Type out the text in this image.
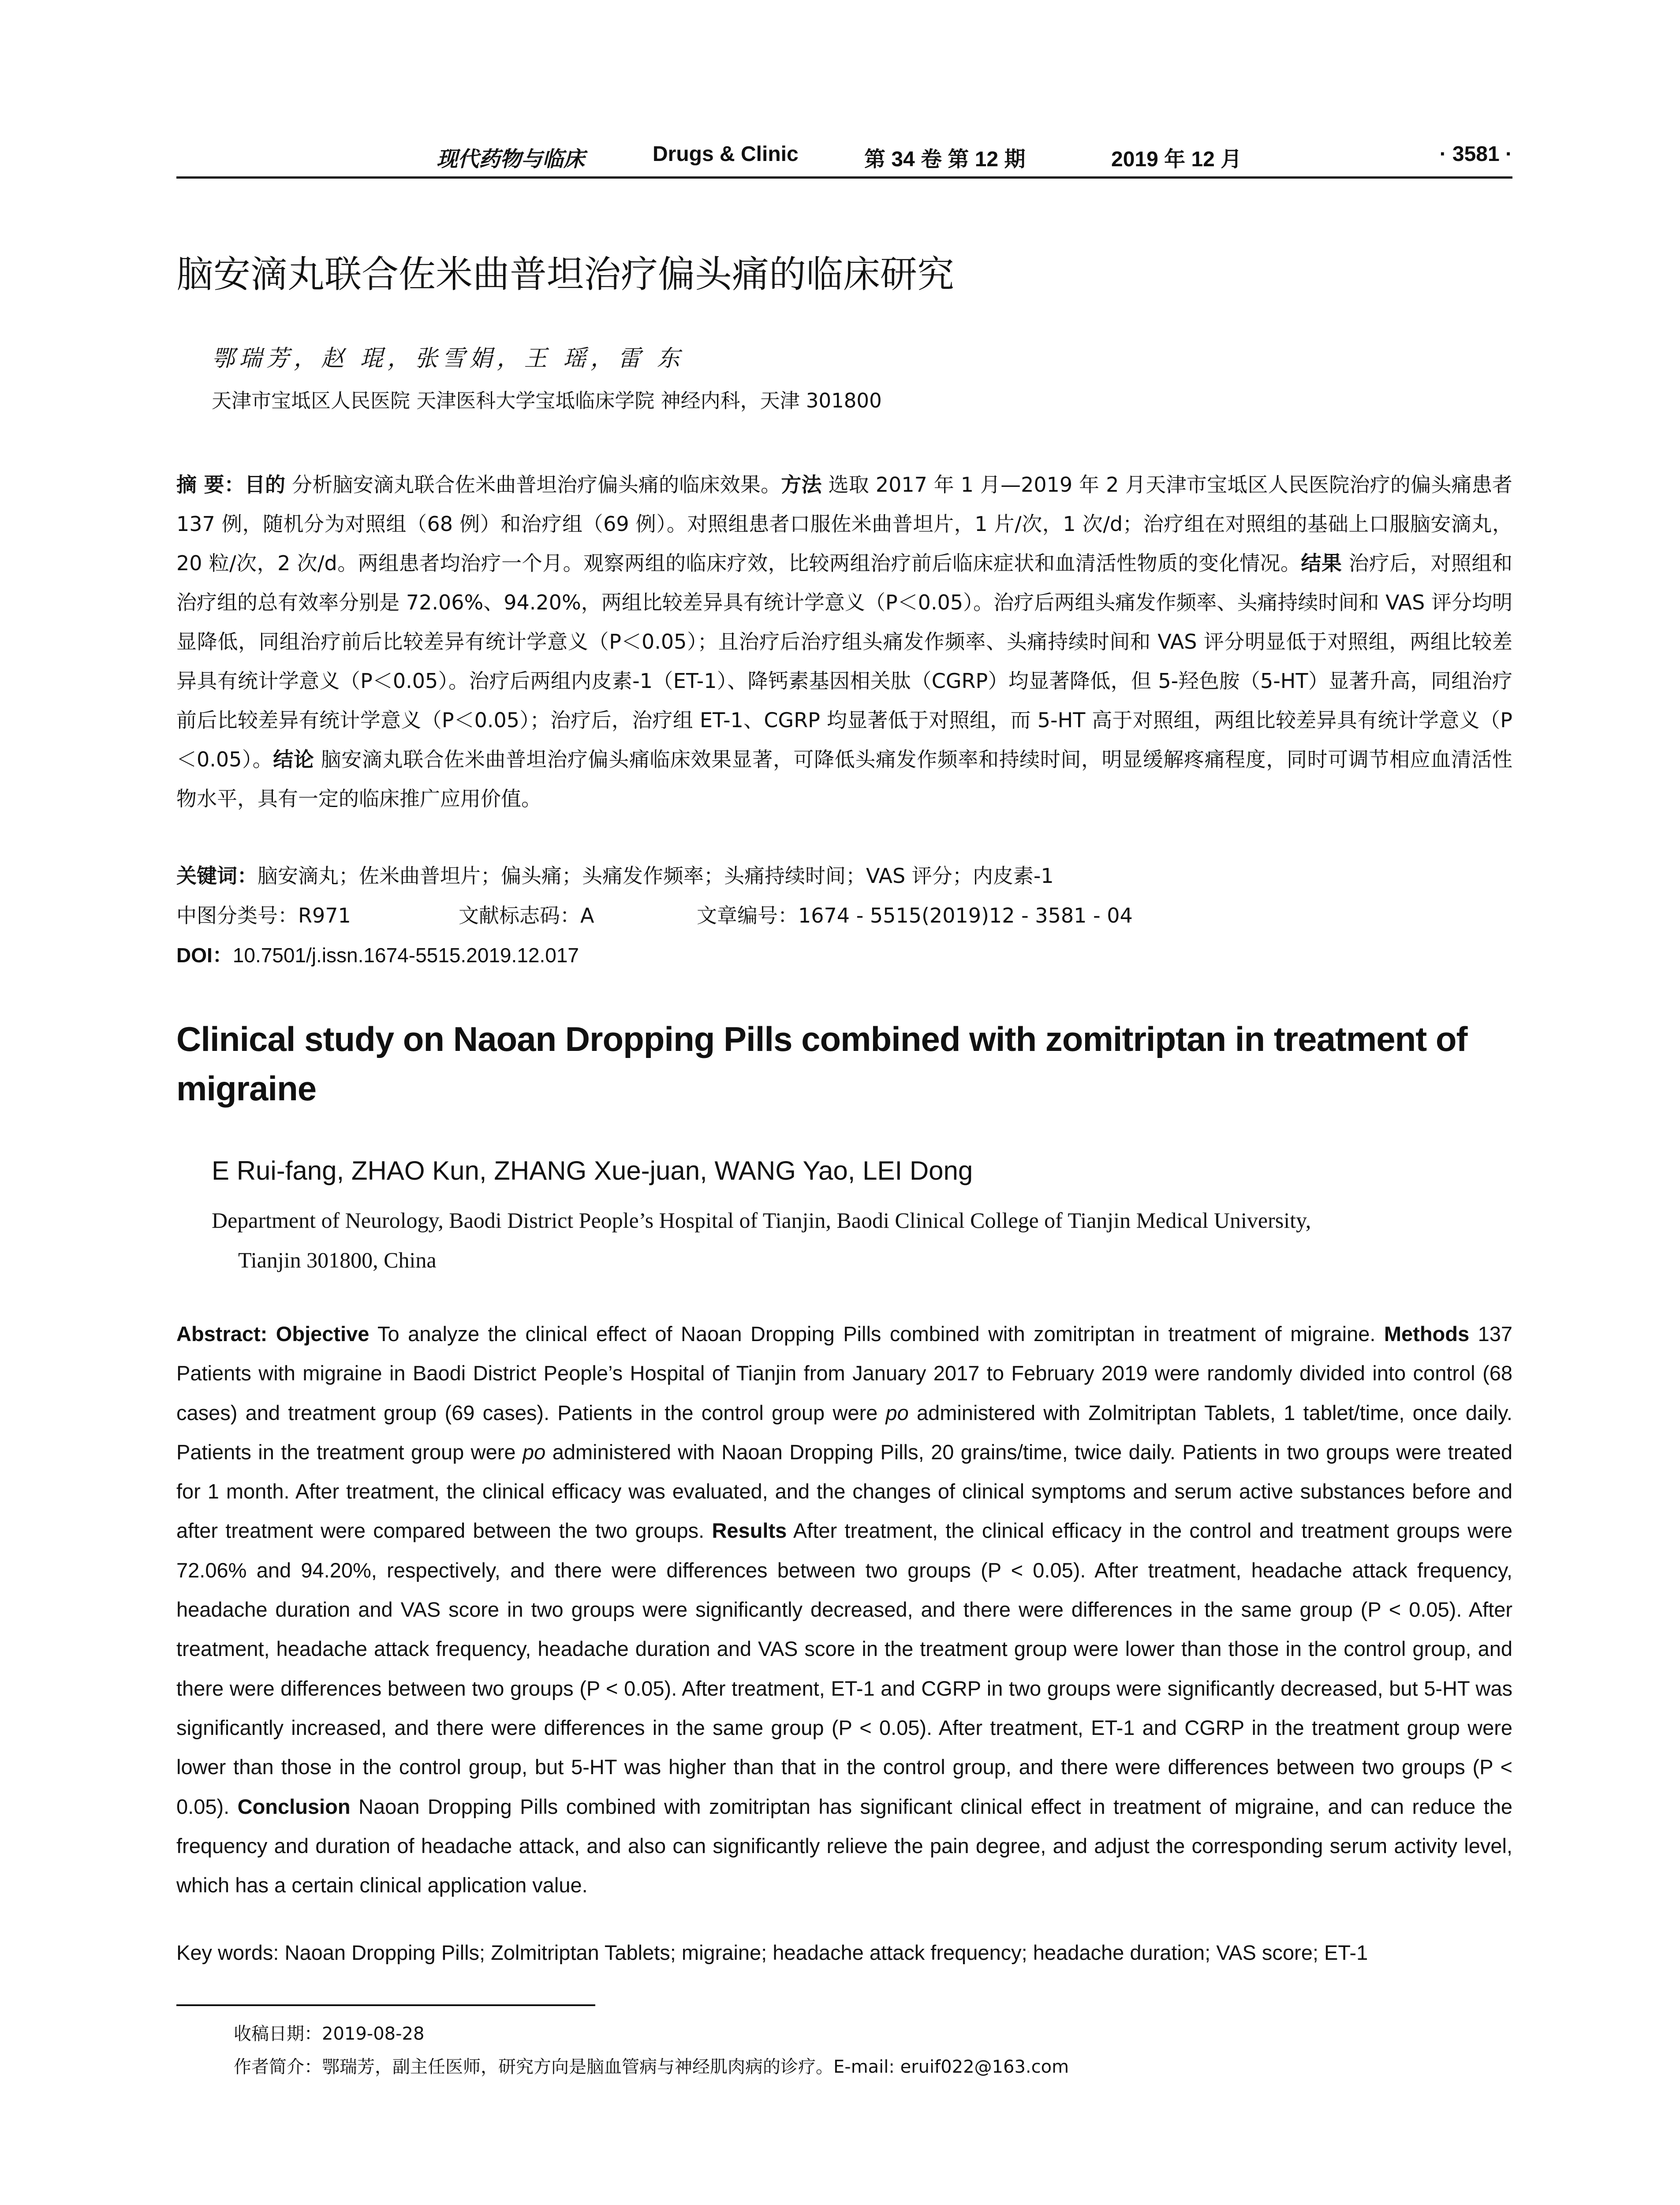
现代药物与临床	Drugs & Clinic	第 34 卷 第 12 期	2019 年 12 月	· 3581 ·
脑安滴丸联合佐米曲普坦治疗偏头痛的临床研究
鄂瑞芳，赵 琨，张雪娟，王 瑶，雷 东
天津市宝坻区人民医院 天津医科大学宝坻临床学院 神经内科，天津 301800
摘 要：目的 分析脑安滴丸联合佐米曲普坦治疗偏头痛的临床效果。方法 选取 2017 年 1 月—2019 年 2 月天津市宝坻区人民医院治疗的偏头痛患者 137 例，随机分为对照组（68 例）和治疗组（69 例）。对照组患者口服佐米曲普坦片，1 片/次，1 次/d；治疗组在对照组的基础上口服脑安滴丸，20 粒/次，2 次/d。两组患者均治疗一个月。观察两组的临床疗效，比较两组治疗前后临床症状和血清活性物质的变化情况。结果 治疗后，对照组和治疗组的总有效率分别是 72.06%、94.20%，两组比较差异具有统计学意义（P＜0.05）。治疗后两组头痛发作频率、头痛持续时间和 VAS 评分均明显降低，同组治疗前后比较差异有统计学意义（P＜0.05）；且治疗后治疗组头痛发作频率、头痛持续时间和 VAS 评分明显低于对照组，两组比较差异具有统计学意义（P＜0.05）。治疗后两组内皮素-1（ET-1）、降钙素基因相关肽（CGRP）均显著降低，但 5-羟色胺（5-HT）显著升高，同组治疗前后比较差异有统计学意义（P＜0.05）；治疗后，治疗组 ET-1、CGRP 均显著低于对照组，而 5-HT 高于对照组，两组比较差异具有统计学意义（P＜0.05）。结论 脑安滴丸联合佐米曲普坦治疗偏头痛临床效果显著，可降低头痛发作频率和持续时间，明显缓解疼痛程度，同时可调节相应血清活性物水平，具有一定的临床推广应用价值。
关键词：脑安滴丸；佐米曲普坦片；偏头痛；头痛发作频率；头痛持续时间；VAS 评分；内皮素-1
中图分类号：R971	文献标志码：A	文章编号：1674 - 5515(2019)12 - 3581 - 04
DOI：10.7501/j.issn.1674-5515.2019.12.017
Clinical study on Naoan Dropping Pills combined with zomitriptan in treatment of migraine
E Rui-fang, ZHAO Kun, ZHANG Xue-juan, WANG Yao, LEI Dong
Department of Neurology, Baodi District People’s Hospital of Tianjin, Baodi Clinical College of Tianjin Medical University,
Tianjin 301800, China
Abstract: Objective To analyze the clinical effect of Naoan Dropping Pills combined with zomitriptan in treatment of migraine. Methods 137 Patients with migraine in Baodi District People’s Hospital of Tianjin from January 2017 to February 2019 were randomly divided into control (68 cases) and treatment group (69 cases). Patients in the control group were po administered with Zolmitriptan Tablets, 1 tablet/time, once daily. Patients in the treatment group were po administered with Naoan Dropping Pills, 20 grains/time, twice daily. Patients in two groups were treated for 1 month. After treatment, the clinical efficacy was evaluated, and the changes of clinical symptoms and serum active substances before and after treatment were compared between the two groups. Results After treatment, the clinical efficacy in the control and treatment groups were 72.06% and 94.20%, respectively, and there were differences between two groups (P < 0.05). After treatment, headache attack frequency, headache duration and VAS score in two groups were significantly decreased, and there were differences in the same group (P < 0.05). After treatment, headache attack frequency, headache duration and VAS score in the treatment group were lower than those in the control group, and there were differences between two groups (P < 0.05). After treatment, ET-1 and CGRP in two groups were significantly decreased, but 5-HT was significantly increased, and there were differences in the same group (P < 0.05). After treatment, ET-1 and CGRP in the treatment group were lower than those in the control group, but 5-HT was higher than that in the control group, and there were differences between two groups (P < 0.05). Conclusion Naoan Dropping Pills combined with zomitriptan has significant clinical effect in treatment of migraine, and can reduce the frequency and duration of headache attack, and also can significantly relieve the pain degree, and adjust the corresponding serum activity level, which has a certain clinical application value.
Key words: Naoan Dropping Pills; Zolmitriptan Tablets; migraine; headache attack frequency; headache duration; VAS score; ET-1
收稿日期：2019-08-28
作者简介：鄂瑞芳，副主任医师，研究方向是脑血管病与神经肌肉病的诊疗。E-mail: eruif022@163.com
